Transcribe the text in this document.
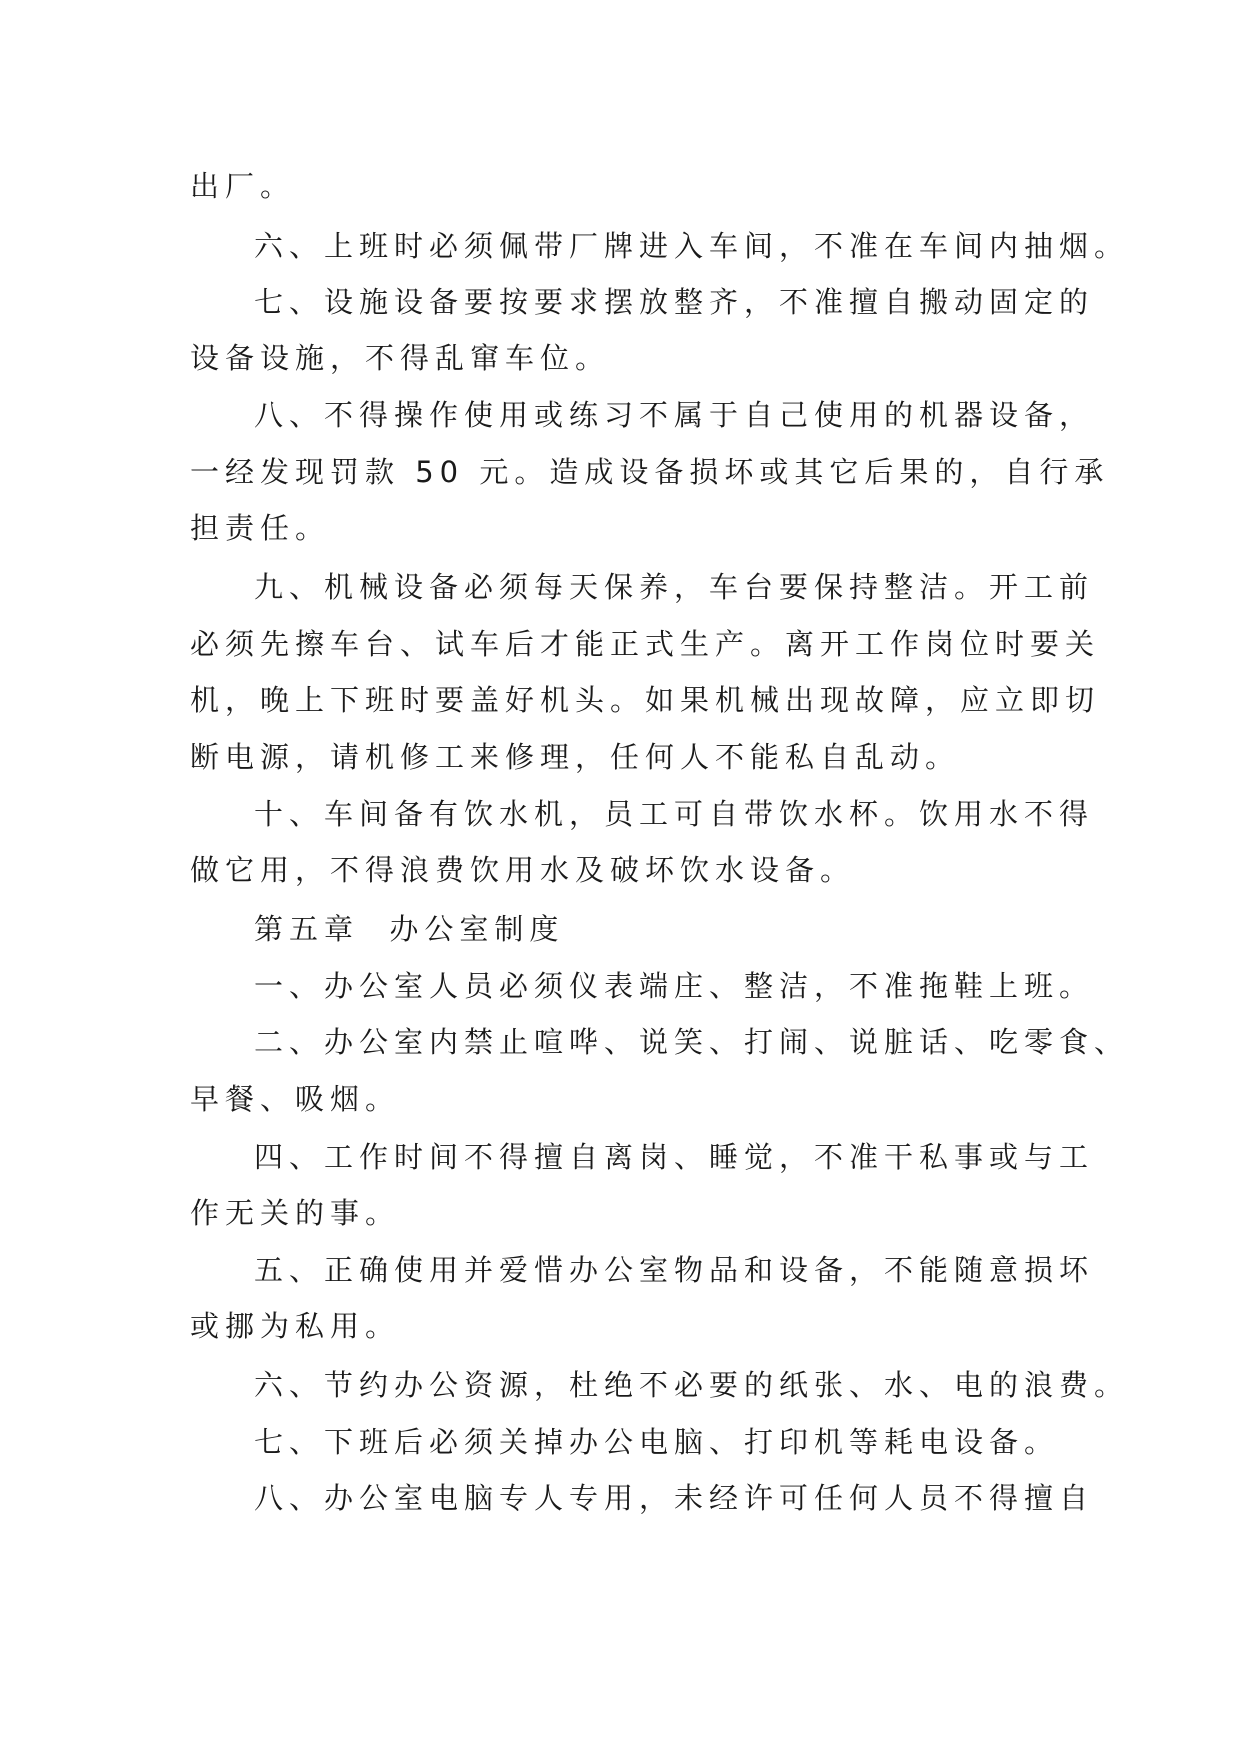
出厂。
六、上班时必须佩带厂牌进入车间，不准在车间内抽烟。
七、设施设备要按要求摆放整齐，不准擅自搬动固定的
设备设施，不得乱窜车位。
八、不得操作使用或练习不属于自己使用的机器设备，
一经发现罚款 50 元。造成设备损坏或其它后果的，自行承
担责任。
九、机械设备必须每天保养，车台要保持整洁。开工前
必须先擦车台、试车后才能正式生产。离开工作岗位时要关
机，晚上下班时要盖好机头。如果机械出现故障，应立即切
断电源，请机修工来修理，任何人不能私自乱动。
十、车间备有饮水机，员工可自带饮水杯。饮用水不得
做它用，不得浪费饮用水及破坏饮水设备。
第五章  办公室制度
一、办公室人员必须仪表端庄、整洁，不准拖鞋上班。
二、办公室内禁止喧哗、说笑、打闹、说脏话、吃零食、
早餐、吸烟。
四、工作时间不得擅自离岗、睡觉，不准干私事或与工
作无关的事。
五、正确使用并爱惜办公室物品和设备，不能随意损坏
或挪为私用。
六、节约办公资源，杜绝不必要的纸张、水、电的浪费。
七、下班后必须关掉办公电脑、打印机等耗电设备。
八、办公室电脑专人专用，未经许可任何人员不得擅自
